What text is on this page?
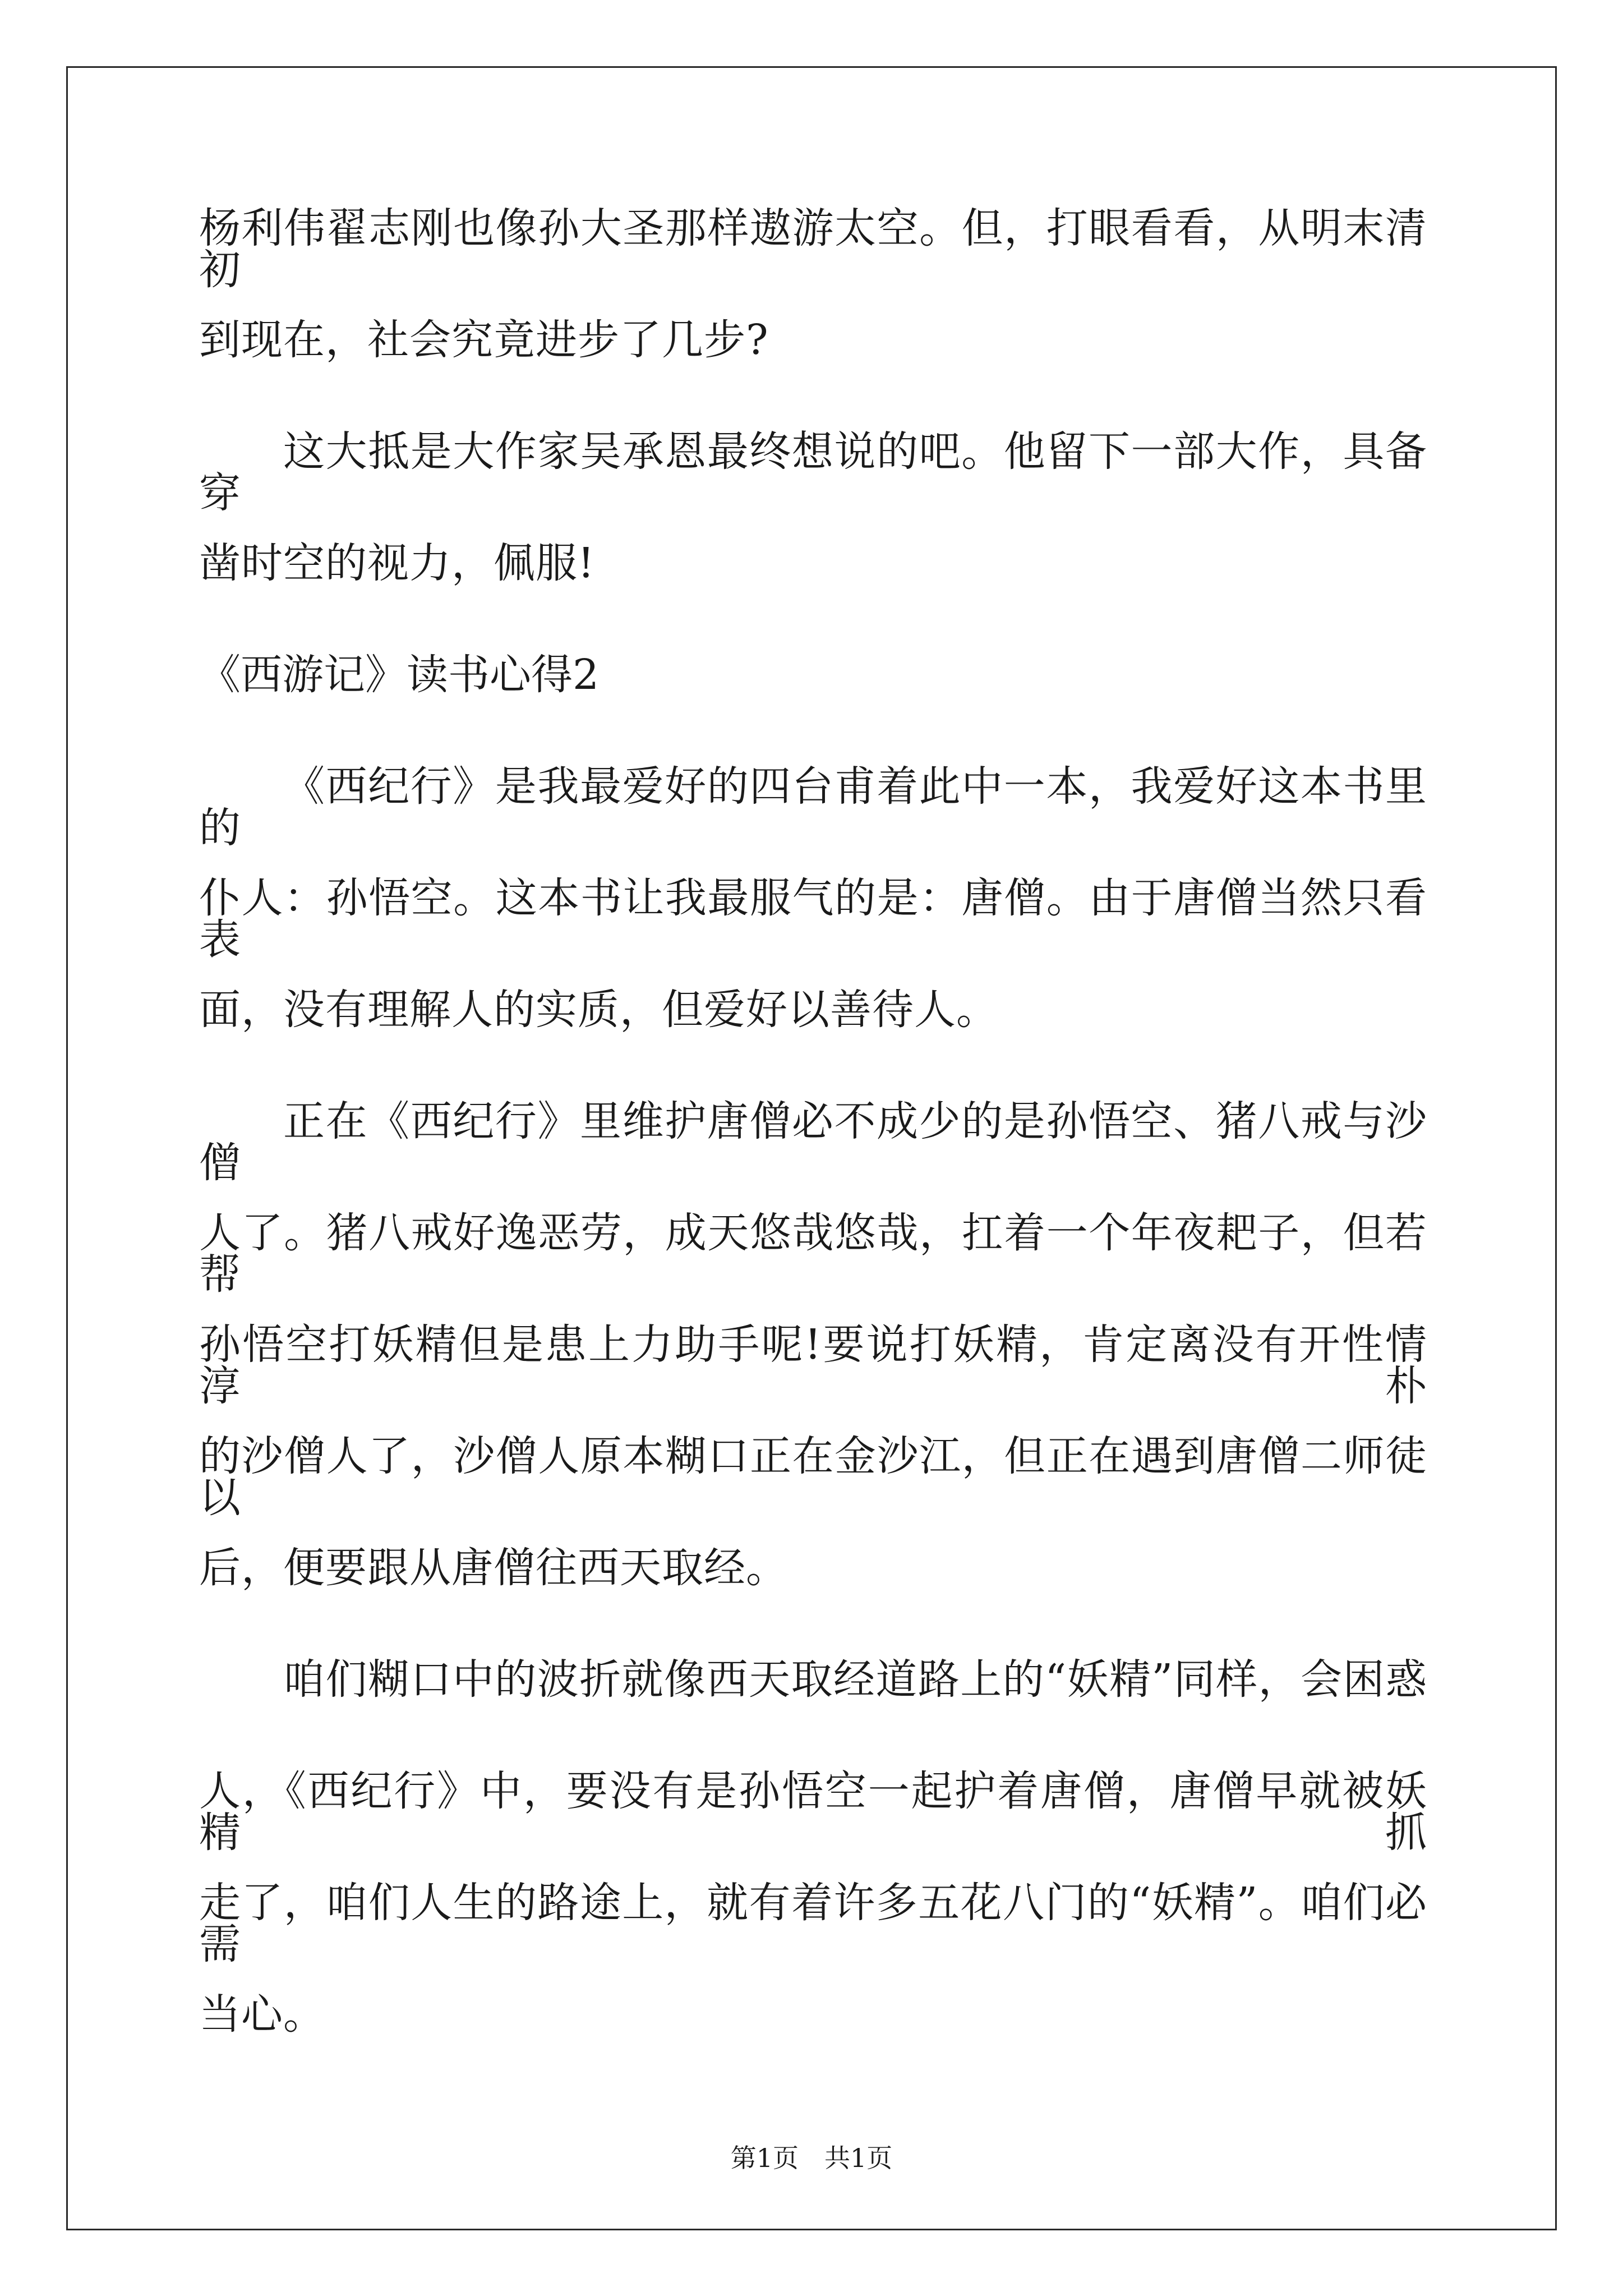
杨利伟翟志刚也像孙大圣那样遨游太空。但，打眼看看，从明末清初
到现在，社会究竟进步了几步?
这大抵是大作家吴承恩最终想说的吧。他留下一部大作，具备穿
凿时空的视力，佩服!
《西游记》读书心得2
《西纪行》是我最爱好的四台甫着此中一本，我爱好这本书里的
仆人：孙悟空。这本书让我最服气的是：唐僧。由于唐僧当然只看表
面，没有理解人的实质，但爱好以善待人。
正在《西纪行》里维护唐僧必不成少的是孙悟空、猪八戒与沙僧
人了。猪八戒好逸恶劳，成天悠哉悠哉，扛着一个年夜耙子，但若帮
孙悟空打妖精但是患上力助手呢!要说打妖精，肯定离没有开性情淳朴
的沙僧人了，沙僧人原本糊口正在金沙江，但正在遇到唐僧二师徒以
后，便要跟从唐僧往西天取经。
咱们糊口中的波折就像西天取经道路上的“妖精”同样，会困惑
人，《西纪行》中，要没有是孙悟空一起护着唐僧，唐僧早就被妖精抓
走了，咱们人生的路途上，就有着许多五花八门的“妖精”。咱们必需
当心。
第1页　共1页
